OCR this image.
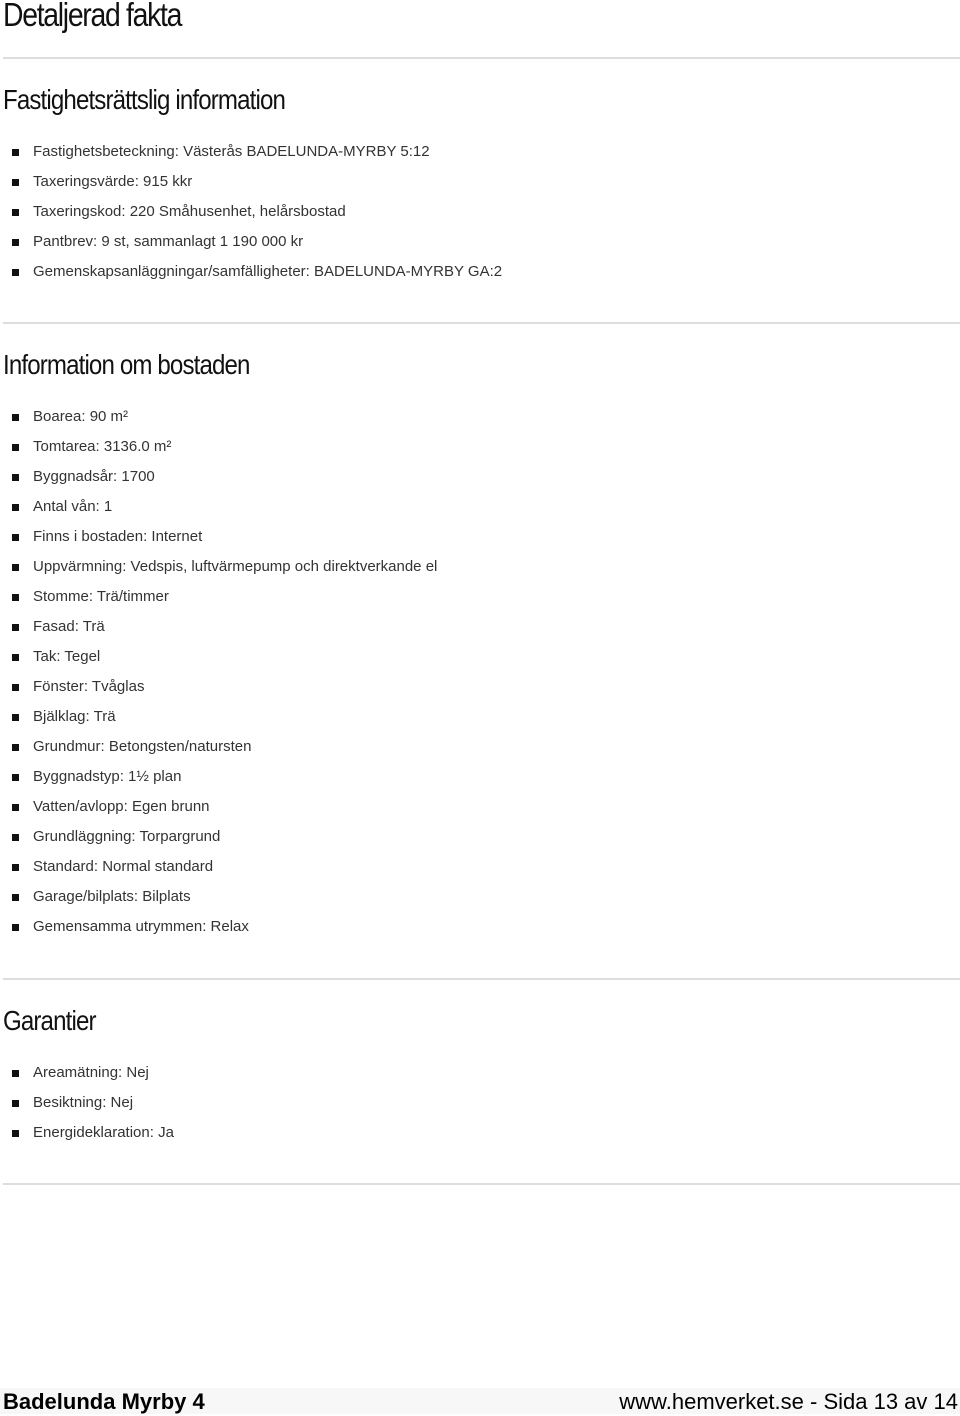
Detaljerad fakta
Fastighetsrättslig information
Fastighetsbeteckning: Västerås BADELUNDA-MYRBY 5:12
Taxeringsvärde: 915 kkr
Taxeringskod: 220 Småhusenhet, helårsbostad
Pantbrev: 9 st, sammanlagt 1 190 000 kr
Gemenskapsanläggningar/samfälligheter: BADELUNDA-MYRBY GA:2
Information om bostaden
Boarea: 90 m²
Tomtarea: 3136.0 m²
Byggnadsår: 1700
Antal vån: 1
Finns i bostaden: Internet
Uppvärmning: Vedspis, luftvärmepump och direktverkande el
Stomme: Trä/timmer
Fasad: Trä
Tak: Tegel
Fönster: Tvåglas
Bjälklag: Trä
Grundmur: Betongsten/natursten
Byggnadstyp: 1½ plan
Vatten/avlopp: Egen brunn
Grundläggning: Torpargrund
Standard: Normal standard
Garage/bilplats: Bilplats
Gemensamma utrymmen: Relax
Garantier
Areamätning: Nej
Besiktning: Nej
Energideklaration: Ja
Badelunda Myrby 4	www.hemverket.se - Sida 13 av 14
